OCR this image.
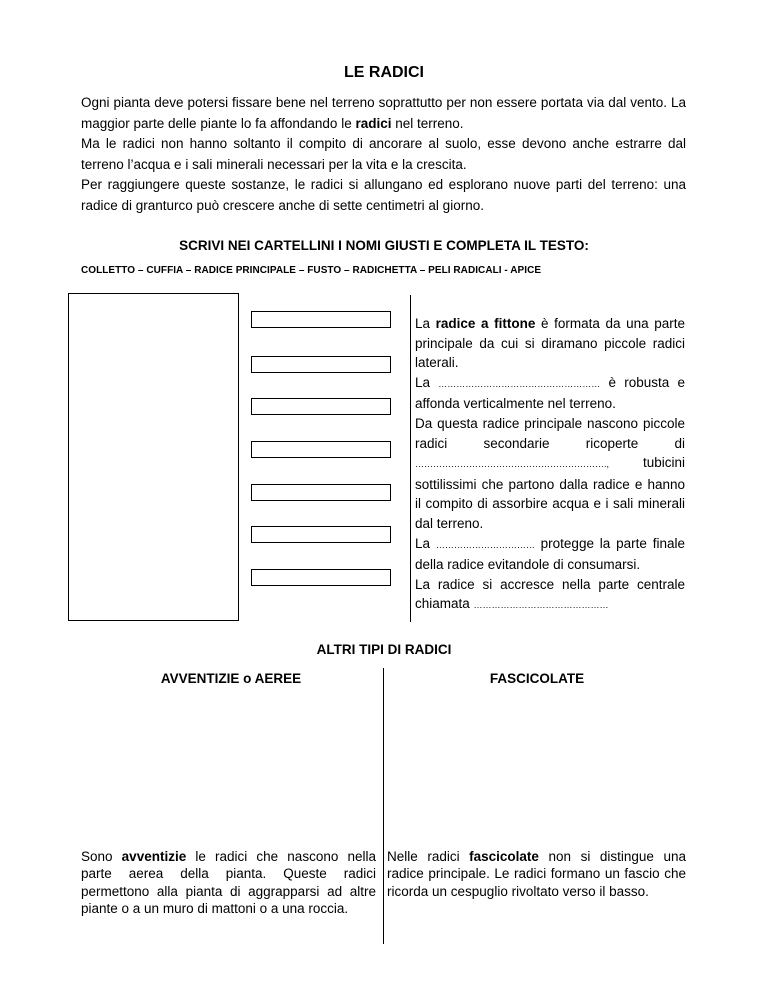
LE RADICI

Ogni pianta deve potersi fissare bene nel terreno soprattutto per non essere portata via dal vento. La maggior parte delle piante lo fa affondando le radici nel terreno.

Ma le radici non hanno soltanto il compito di ancorare al suolo, esse devono anche estrarre dal terreno l’acqua e i sali minerali necessari per la vita e la crescita.

Per raggiungere queste sostanze, le radici si allungano ed esplorano nuove parti del terreno: una radice di granturco può crescere anche di sette centimetri al giorno.

SCRIVI NEI CARTELLINI I NOMI GIUSTI E COMPLETA IL TESTO:
COLLETTO – CUFFIA – RADICE PRINCIPALE – FUSTO – RADICHETTA – PELI RADICALI - APICE

La radice a fittone è formata da una parte principale da cui si diramano piccole radici laterali.

La ……………………………………………… è robusta e affonda verticalmente nel terreno.

Da questa radice principale nascono piccole radici secondarie ricoperte di ………………………………………………………., tubicini sottilissimi che partono dalla radice e hanno il compito di assorbire acqua e i sali minerali dal terreno.

La …………………………… protegge la parte finale della radice evitandole di consumarsi.

La radice si accresce nella parte centrale chiamata ………………………………………

ALTRI TIPI DI RADICI
AVVENTIZIE o AEREE	FASCICOLATE

Sono avventizie le radici che nascono nella parte aerea della pianta. Queste radici permettono alla pianta di aggrapparsi ad altre piante o a un muro di mattoni o a una roccia.

Nelle radici fascicolate non si distingue una radice principale. Le radici formano un fascio che ricorda un cespuglio rivoltato verso il basso.
